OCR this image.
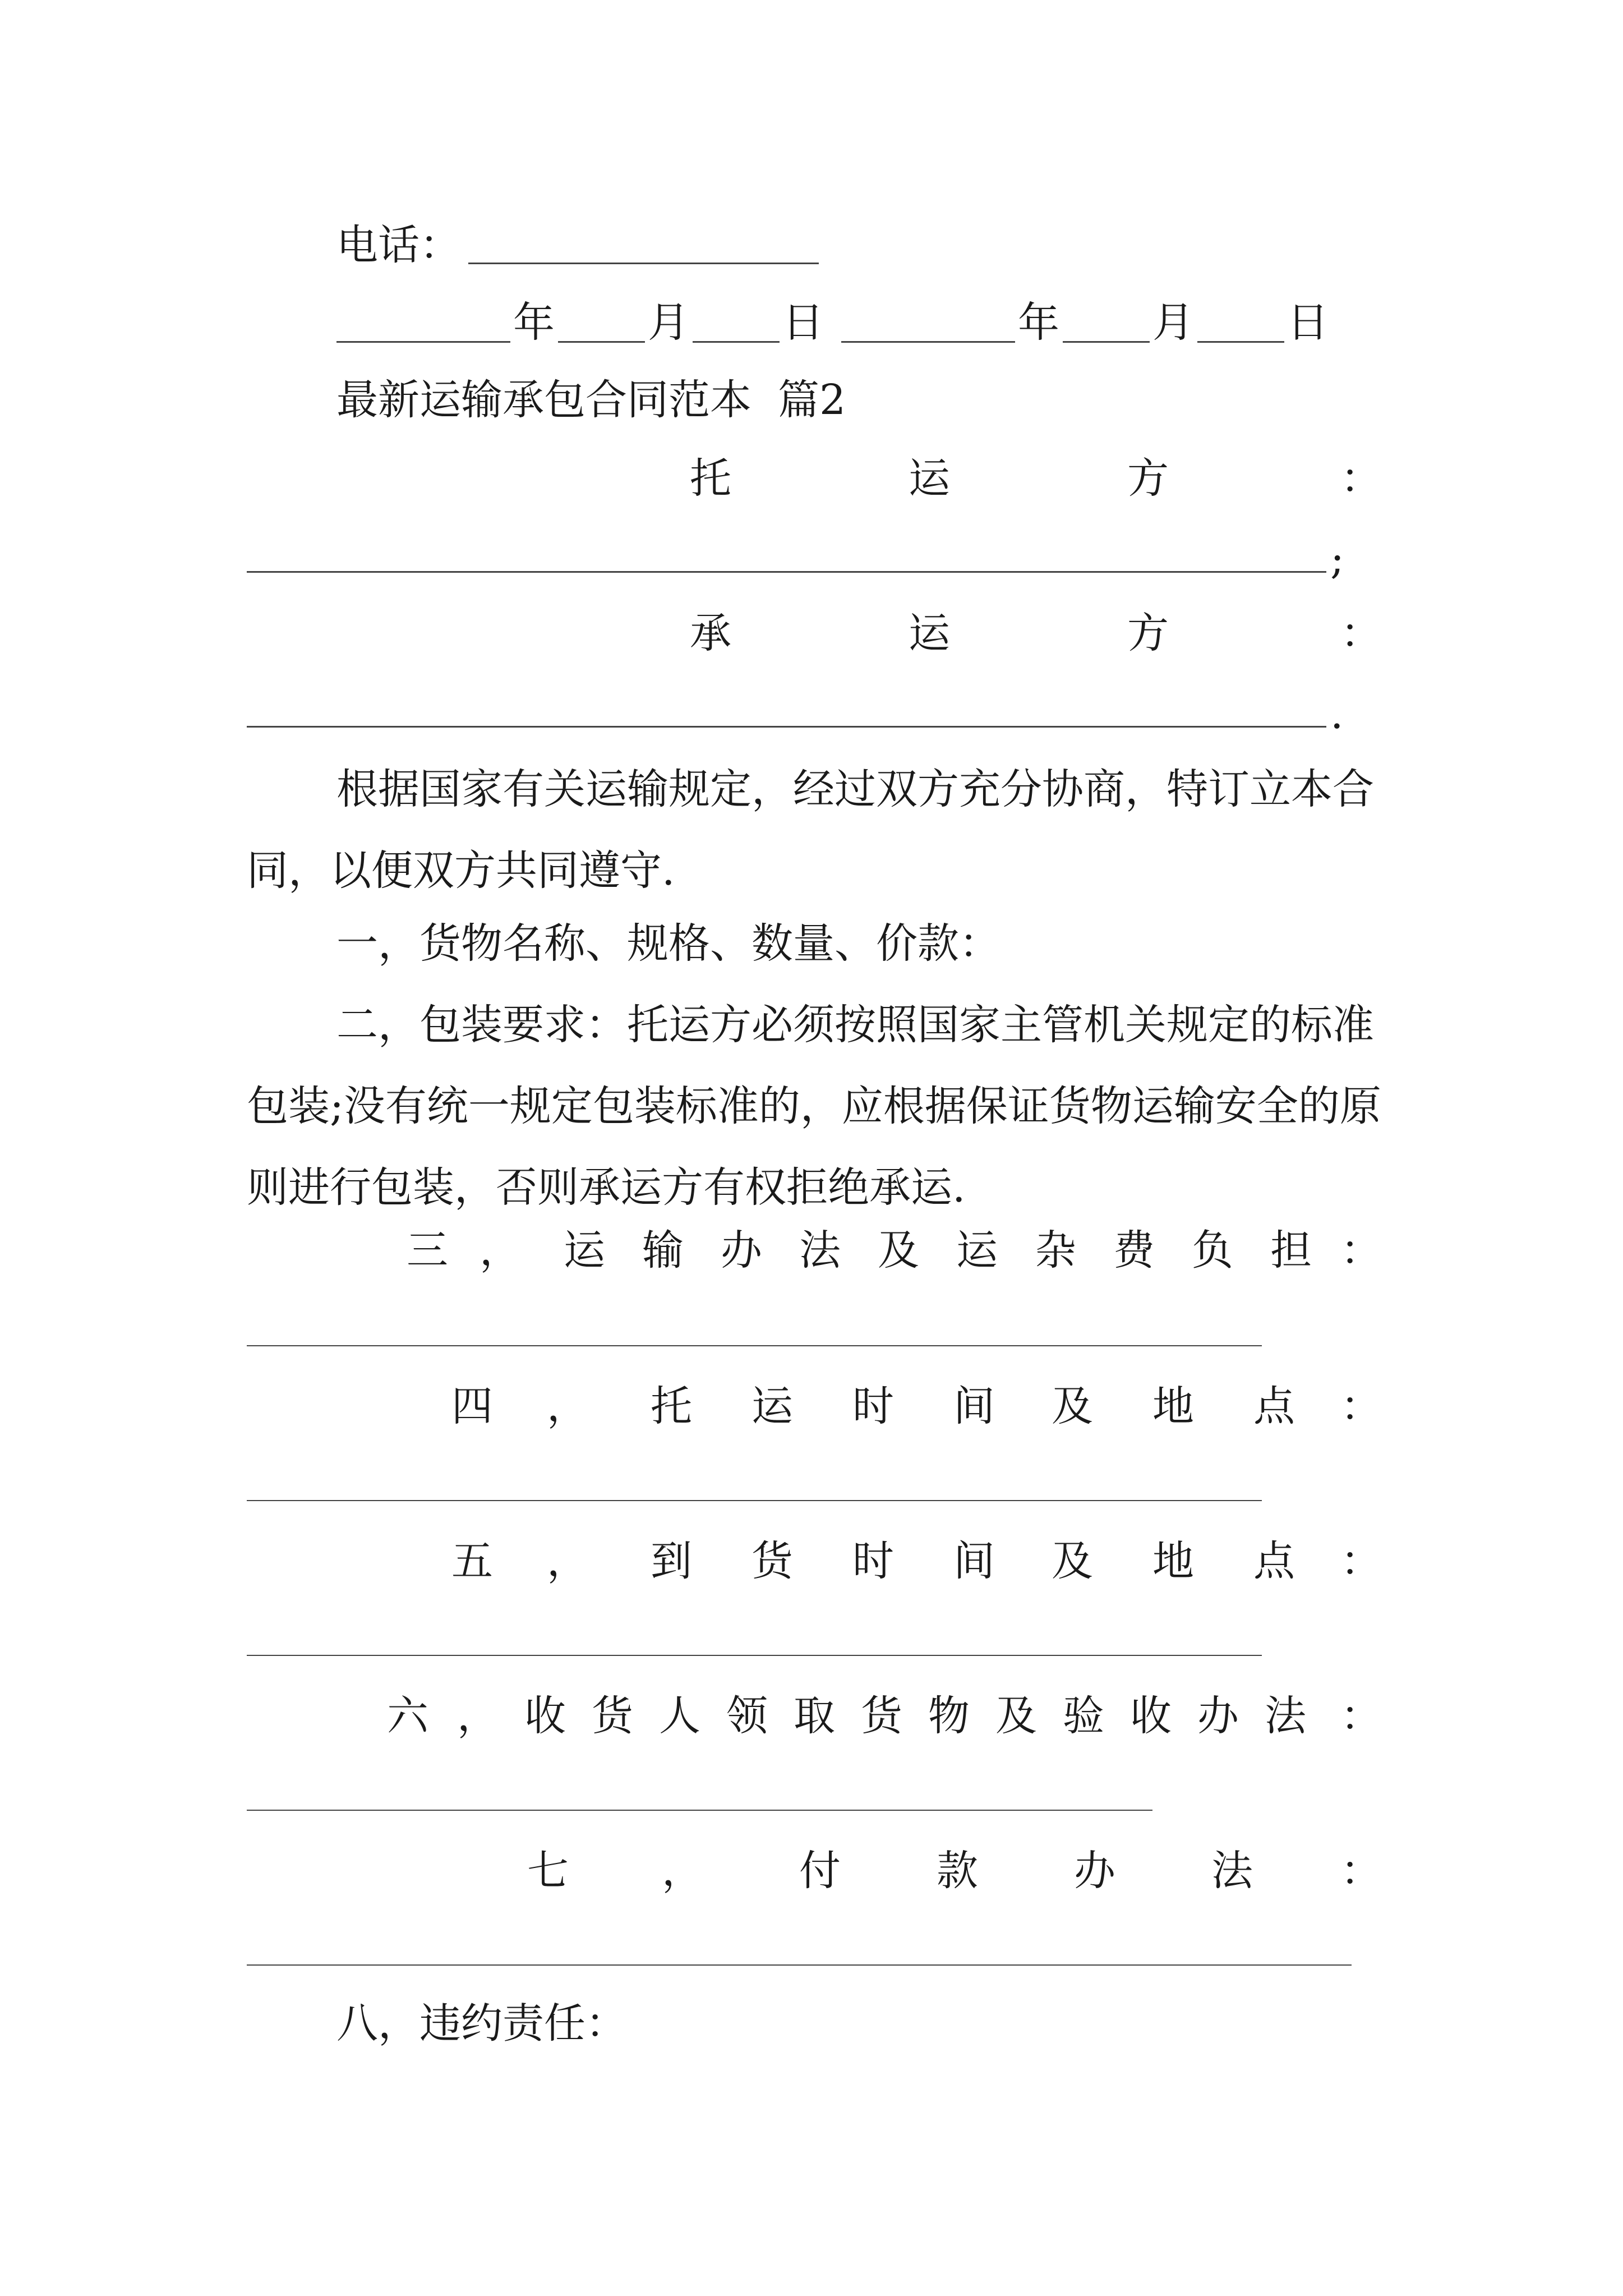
电话：
年 月 日	年 月 日
最新运输承包合同范本  篇2
托	运	方	：
;
承	运	方	：
.
根据国家有关运输规定，经过双方充分协商，特订立本合同，以便双方共同遵守.
一，货物名称、规格、数量、价款：
二，包装要求：托运方必须按照国家主管机关规定的标准包装;没有统一规定包装标准的，应根据保证货物运输安全的原则进行包装，否则承运方有权拒绝承运.
三 ， 运 输 办 法 及 运 杂 费 负 担 ：
四 ， 托 运 时 间 及 地 点 ：
五 ， 到 货 时 间 及 地 点 ：
六 ， 收 货 人 领 取 货 物 及 验 收 办 法 ：
七 ， 付 款 办 法 ：
八，违约责任：
